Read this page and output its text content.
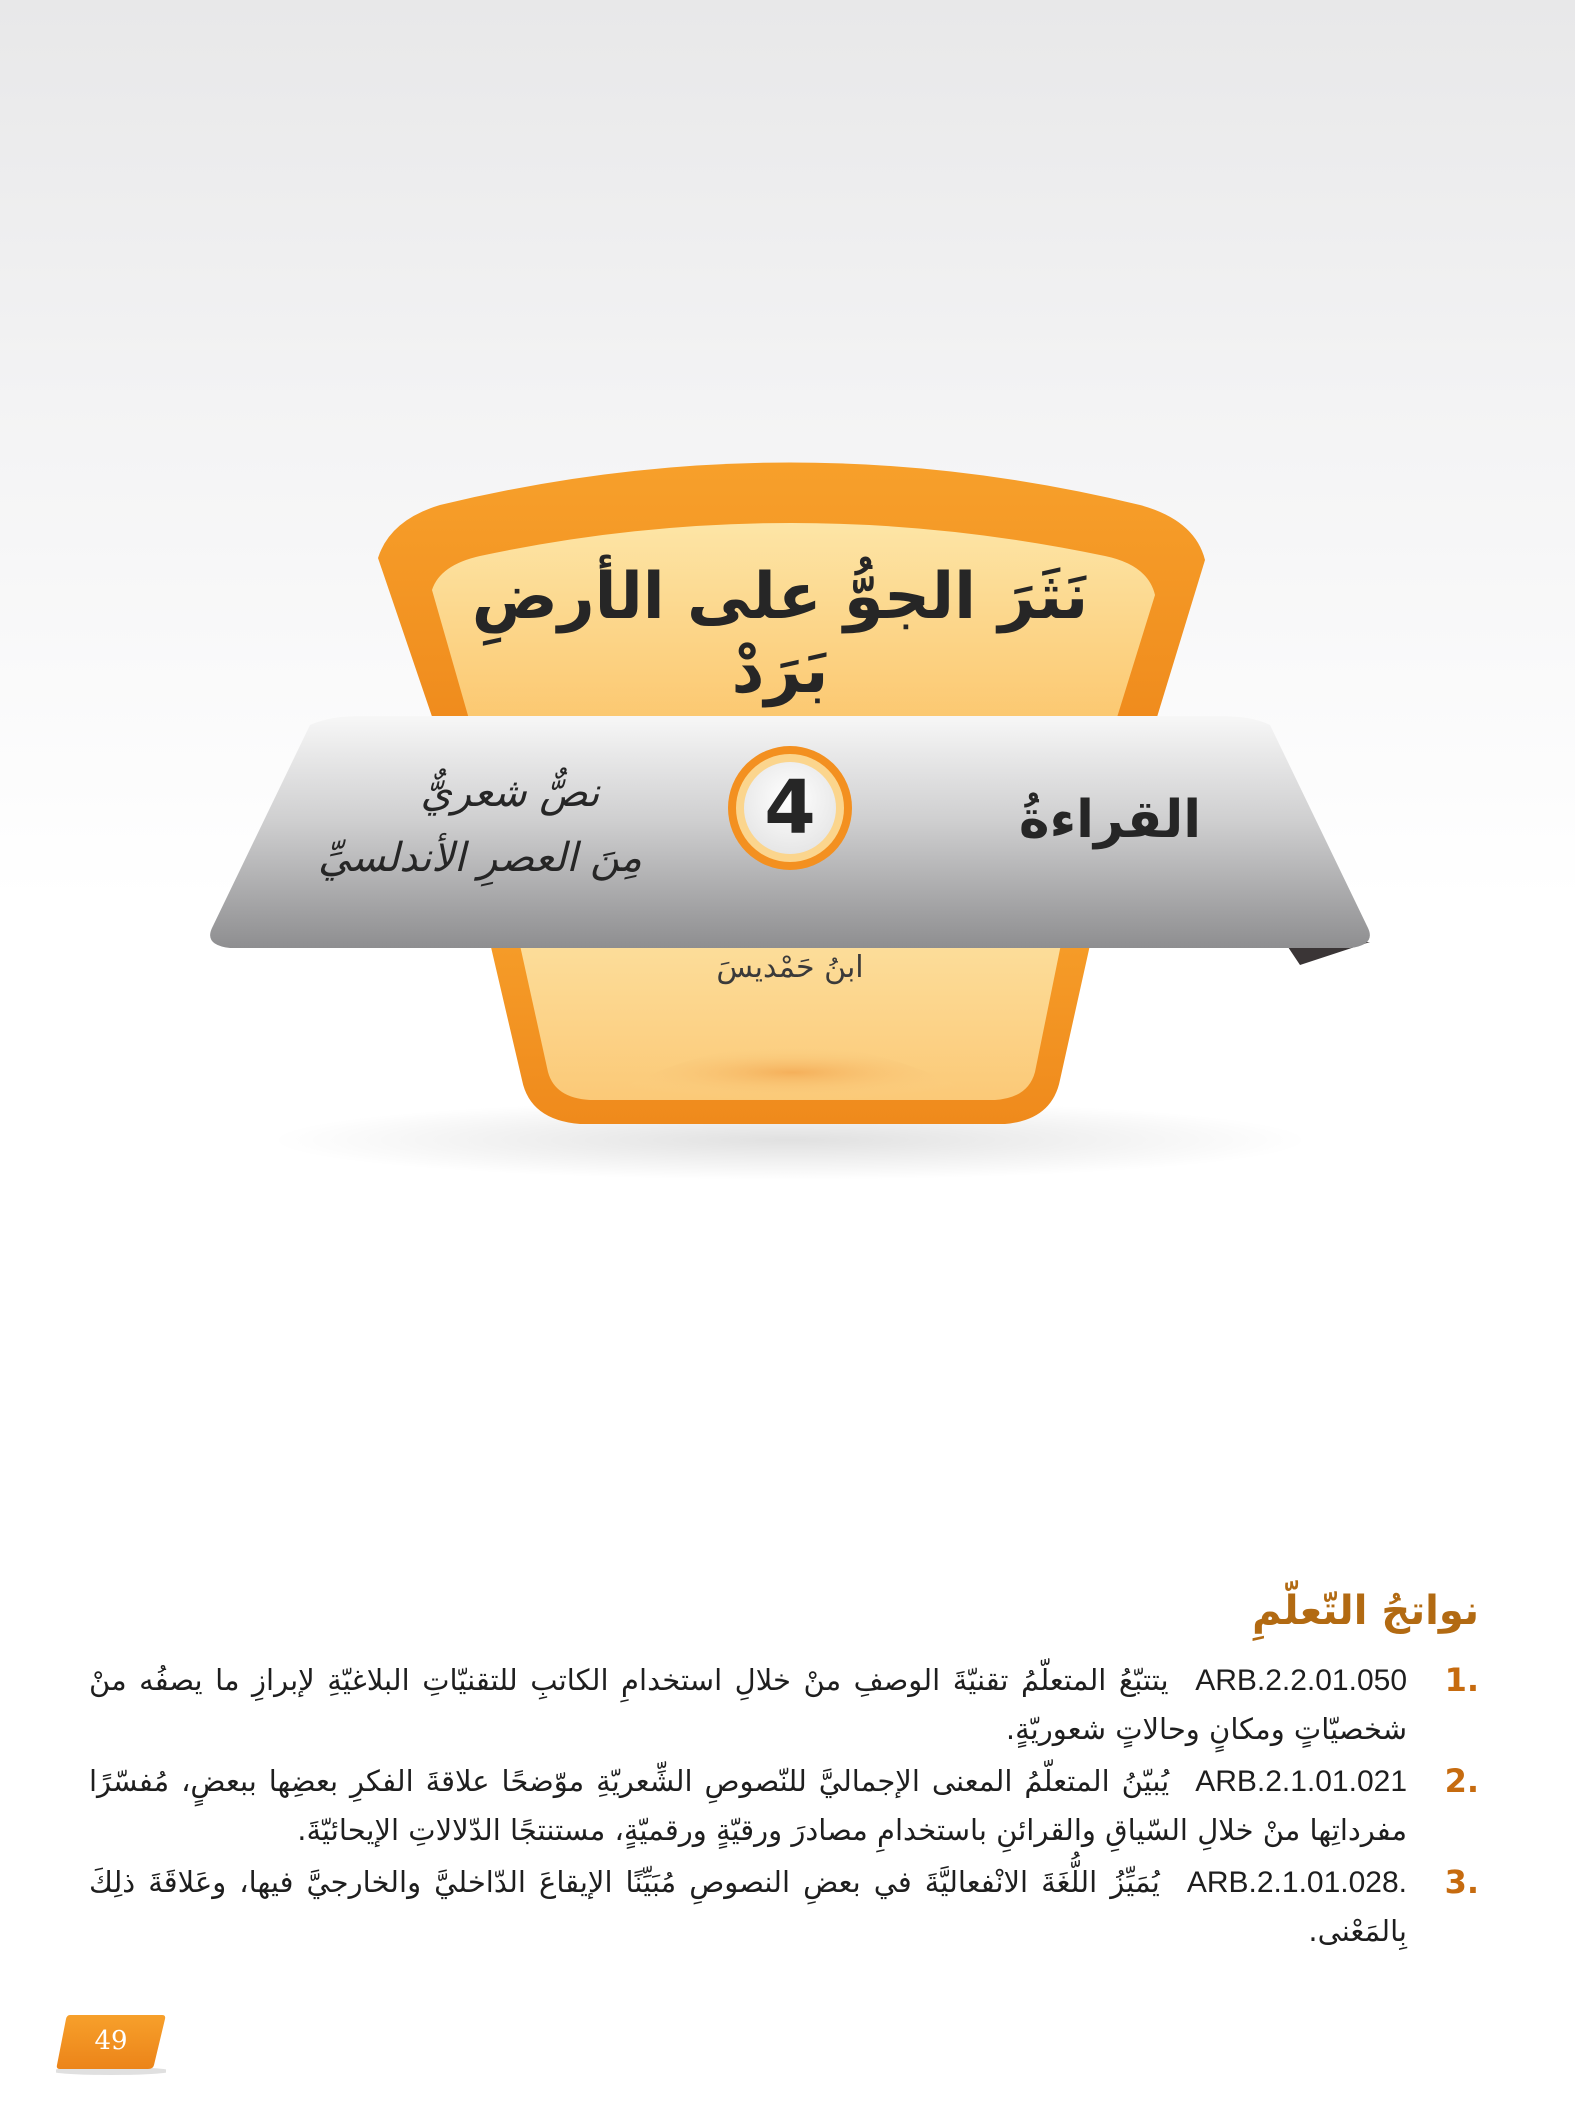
نَثَرَ الجوُّ على الأرضِ بَرَدْ
القراءةُ
نصٌّ شعريٌّ
مِنَ العصرِ الأندلسيِّ
4
ابنُ حَمْديسَ
نواتجُ التّعلّمِ
1.
ARB.2.2.01.050 يتتبّعُ المتعلّمُ تقنيّةَ الوصفِ منْ خلالِ استخدامِ الكاتبِ للتقنيّاتِ البلاغيّةِ لإبرازِ ما يصفُه منْ شخصيّاتٍ ومكانٍ وحالاتٍ شعوريّةٍ.
2.
ARB.2.1.01.021 يُبيّنُ المتعلّمُ المعنى الإجماليَّ للنّصوصِ الشِّعريّةِ موّضحًا علاقةَ الفكرِ بعضِها ببعضٍ، مُفسّرًا مفرداتِها منْ خلالِ السّياقِ والقرائنِ باستخدامِ مصادرَ ورقيّةٍ ورقميّةٍ، مستنتجًا الدّلالاتِ الإيحائيّةَ.
3.
ARB.2.1.01.028. يُمَيِّزُ اللُّغَةَ الانْفعاليَّةَ في بعضِ النصوصِ مُبَيِّنًا الإيقاعَ الدّاخليَّ والخارجيَّ فيها، وعَلاقَةَ ذلِكَ بِالمَعْنى.
49
